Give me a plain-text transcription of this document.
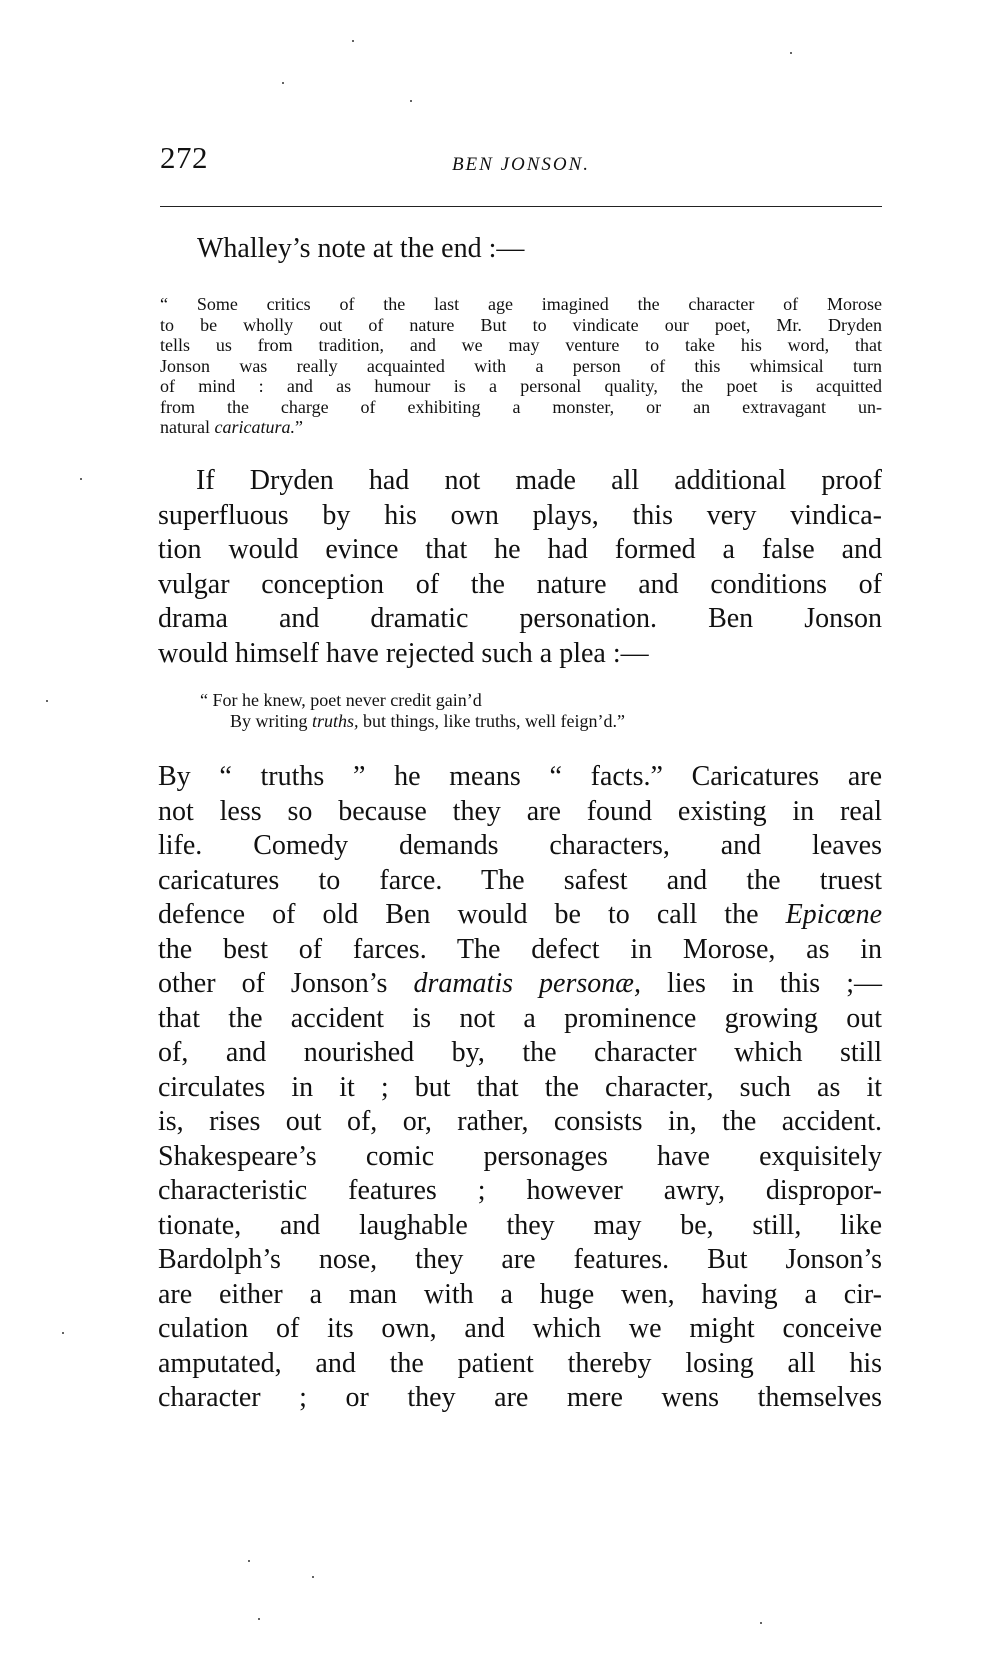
272	BEN JONSON.
Whalley’s note at the end :—
“ Some critics of the last age imagined the character of Morose
to be wholly out of nature But to vindicate our poet, Mr. Dryden
tells us from tradition, and we may venture to take his word, that
Jonson was really acquainted with a person of this whimsical turn
of mind : and as humour is a personal quality, the poet is acquitted
from the charge of exhibiting a monster, or an extravagant un-
natural caricatura.”
If Dryden had not made all additional proof
superfluous by his own plays, this very vindica-
tion would evince that he had formed a false and
vulgar conception of the nature and conditions of
drama and dramatic personation. Ben Jonson
would himself have rejected such a plea :—
“ For he knew, poet never credit gain’d
By writing truths, but things, like truths, well feign’d.”
By “ truths ” he means “ facts.” Caricatures are
not less so because they are found existing in real
life. Comedy demands characters, and leaves
caricatures to farce. The safest and the truest
defence of old Ben would be to call the Epicœne
the best of farces. The defect in Morose, as in
other of Jonson’s dramatis personæ, lies in this ;—
that the accident is not a prominence growing out
of, and nourished by, the character which still
circulates in it ; but that the character, such as it
is, rises out of, or, rather, consists in, the accident.
Shakespeare’s comic personages have exquisitely
characteristic features ; however awry, dispropor-
tionate, and laughable they may be, still, like
Bardolph’s nose, they are features. But Jonson’s
are either a man with a huge wen, having a cir-
culation of its own, and which we might conceive
amputated, and the patient thereby losing all his
character ; or they are mere wens themselves
